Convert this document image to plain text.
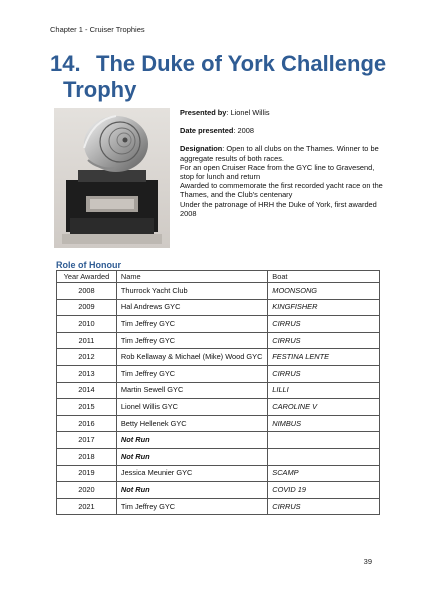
Chapter 1 - Cruiser Trophies
14. The Duke of York Challenge
Trophy

Presented by: Lionel Willis

Date presented: 2008

Designation: Open to all clubs on the Thames. Winner to be aggregate results of both races.
For an open Cruiser Race from the GYC line to Gravesend, stop for lunch and return
Awarded to commemorate the first recorded yacht race on the Thames, and the Club's centenary
Under the patronage of HRH the Duke of York, first awarded 2008
Role of Honour
Year Awarded	Name	Boat
2008	Thurrock Yacht Club	MOONSONG
2009	Hal Andrews GYC	KINGFISHER
2010	Tim Jeffrey GYC	CIRRUS
2011	Tim Jeffrey GYC	CIRRUS
2012	Rob Kellaway & Michael (Mike) Wood GYC	FESTINA LENTE
2013	Tim Jeffrey GYC	CIRRUS
2014	Martin Sewell GYC	LILLI
2015	Lionel Willis GYC	CAROLINE V
2016	Betty Hellenek GYC	NIMBUS
2017	Not Run	
2018	Not Run	
2019	Jessica Meunier GYC	SCAMP
2020	Not Run	COVID 19
2021	Tim Jeffrey GYC	CIRRUS
39
